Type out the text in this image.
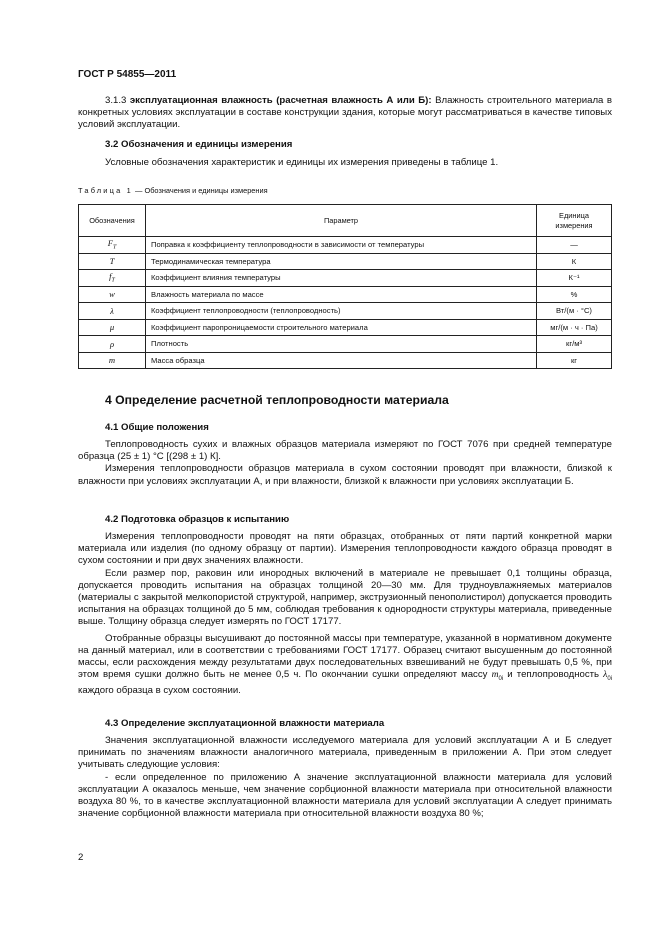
ГОСТ Р 54855—2011

3.1.3 эксплуатационная влажность (расчетная влажность А или Б): Влажность строительного материала в конкретных условиях эксплуатации в составе конструкции здания, которые могут рассматриваться в качестве типовых условий эксплуатации.

3.2 Обозначения и единицы измерения

Условные обозначения характеристик и единицы их измерения приведены в таблице 1.

Таблица 1 — Обозначения и единицы измерения
Обозначения	Параметр	Единица измерения
$F_T$	Поправка к коэффициенту теплопроводности в зависимости от температуры	—
T	Термодинамическая температура	К
$f_T$	Коэффициент влияния температуры	К⁻¹
w	Влажность материала по массе	%
λ	Коэффициент теплопроводности (теплопроводность)	Вт/(м · °С)
μ	Коэффициент паропроницаемости строительного материала	мг/(м · ч · Па)
ρ	Плотность	кг/м³
m	Масса образца	кг
4 Определение расчетной теплопроводности материала
4.1 Общие положения

Теплопроводность сухих и влажных образцов материала измеряют по ГОСТ 7076 при средней температуре образца (25 ± 1) °С [(298 ± 1) К].

Измерения теплопроводности образцов материала в сухом состоянии проводят при влажности, близкой к влажности при условиях эксплуатации А, и при влажности, близкой к влажности при условиях эксплуатации Б.

4.2 Подготовка образцов к испытанию

Измерения теплопроводности проводят на пяти образцах, отобранных от пяти партий конкретной марки материала или изделия (по одному образцу от партии). Измерения теплопроводности каждого образца проводят в сухом состоянии и при двух значениях влажности.

Если размер пор, раковин или инородных включений в материале не превышает 0,1 толщины образца, допускается проводить испытания на образцах толщиной 20—30 мм. Для трудноувлажняемых материалов (материалы с закрытой мелкопористой структурой, например, экструзионный пенополистирол) допускается проводить испытания на образцах толщиной до 5 мм, соблюдая требования к однородности структуры материала, приведенные выше. Толщину образца следует измерять по ГОСТ 17177.

Отобранные образцы высушивают до постоянной массы при температуре, указанной в нормативном документе на данный материал, или в соответствии с требованиями ГОСТ 17177. Образец считают высушенным до постоянной массы, если расхождения между результатами двух последовательных взвешиваний не будут превышать 0,5 %, при этом время сушки должно быть не менее 0,5 ч. По окончании сушки определяют массу $m_{0i}$ и теплопроводность $\lambda_{0i}$ каждого образца в сухом состоянии.

4.3 Определение эксплуатационной влажности материала

Значения эксплуатационной влажности исследуемого материала для условий эксплуатации А и Б следует принимать по значениям влажности аналогичного материала, приведенным в приложении А. При этом следует учитывать следующие условия:

- если определенное по приложению А значение эксплуатационной влажности материала для условий эксплуатации А оказалось меньше, чем значение сорбционной влажности материала при относительной влажности воздуха 80 %, то в качестве эксплуатационной влажности материала для условий эксплуатации А следует принимать значение сорбционной влажности материала при относительной влажности воздуха 80 %;

2
